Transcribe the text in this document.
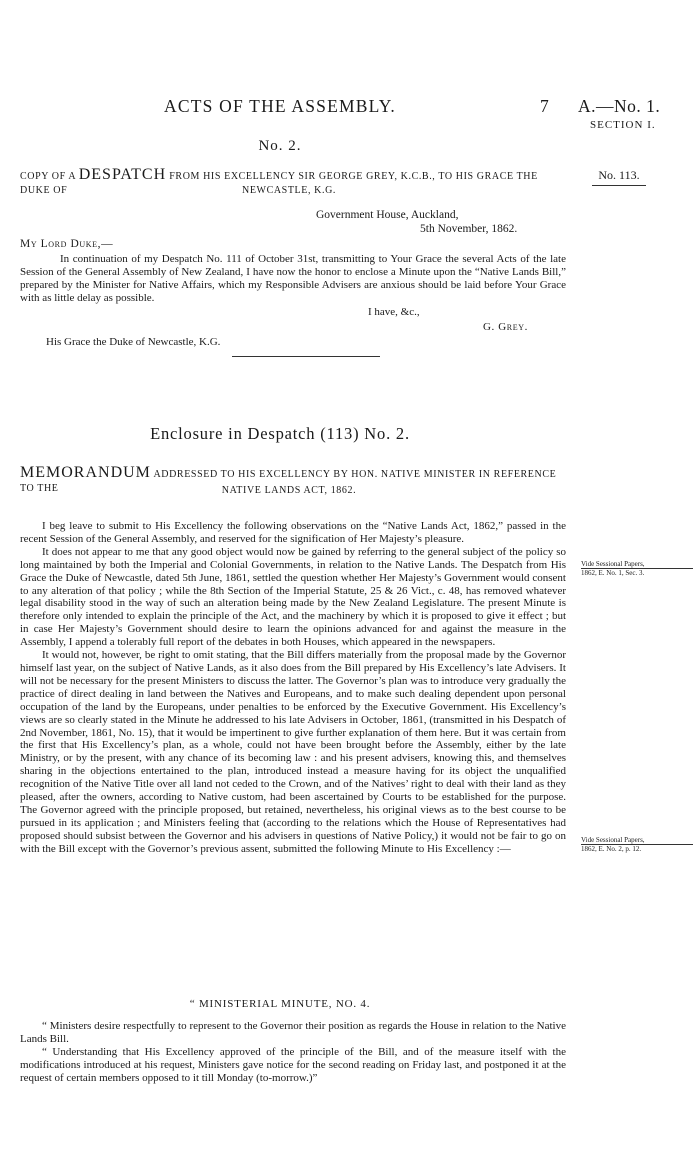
ACTS OF THE ASSEMBLY.	7 A.—No. 1.
SECTION I.
No. 2.
COPY OF A DESPATCH FROM HIS EXCELLENCY SIR GEORGE GREY, K.C.B., TO HIS GRACE THE DUKE OF	NEWCASTLE, K.G.
No. 113.
Government House, Auckland,
5th November, 1862.
My Lord Duke,—

In continuation of my Despatch No. 111 of October 31st, transmitting to Your Grace the several Acts of the late Session of the General Assembly of New Zealand, I have now the honor to enclose a Minute upon the “Native Lands Bill,” prepared by the Minister for Native Affairs, which my Responsible Advisers are anxious should be laid before Your Grace with as little delay as possible.

I have, &c.,
G. Grey.
His Grace the Duke of Newcastle, K.G.
Enclosure in Despatch (113) No. 2.
MEMORANDUM ADDRESSED TO HIS EXCELLENCY BY HON. NATIVE MINISTER IN REFERENCE TO THE	NATIVE LANDS ACT, 1862.

I beg leave to submit to His Excellency the following observations on the “Native Lands Act, 1862,” passed in the recent Session of the General Assembly, and reserved for the signification of Her Majesty’s pleasure.

It does not appear to me that any good object would now be gained by referring to the general subject of the policy so long maintained by both the Imperial and Colonial Governments, in relation to the Native Lands. The Despatch from His Grace the Duke of Newcastle, dated 5th June, 1861, settled the question whether Her Majesty’s Government would consent to any alteration of that policy ; while the 8th Section of the Imperial Statute, 25 & 26 Vict., c. 48, has removed whatever legal disability stood in the way of such an alteration being made by the New Zealand Legislature. The present Minute is therefore only intended to explain the principle of the Act, and the machinery by which it is proposed to give it effect ; but in case Her Majesty’s Government should desire to learn the opinions advanced for and against the measure in the Assembly, I append a tolerably full report of the debates in both Houses, which appeared in the newspapers.

It would not, however, be right to omit stating, that the Bill differs materially from the proposal made by the Governor himself last year, on the subject of Native Lands, as it also does from the Bill prepared by His Excellency’s late Advisers. It will not be necessary for the present Ministers to discuss the latter. The Governor’s plan was to introduce very gradually the practice of direct dealing in land between the Natives and Europeans, and to make such dealing dependent upon personal occupation of the land by the Europeans, under penalties to be enforced by the Executive Government. His Excellency’s views are so clearly stated in the Minute he addressed to his late Advisers in October, 1861, (transmitted in his Despatch of 2nd November, 1861, No. 15), that it would be impertinent to give further explanation of them here. But it was certain from the first that His Excellency’s plan, as a whole, could not have been brought before the Assembly, either by the late Ministry, or by the present, with any chance of its becoming law : and his present advisers, knowing this, and themselves sharing in the objections entertained to the plan, introduced instead a measure having for its object the unqualified recognition of the Native Title over all land not ceded to the Crown, and of the Natives’ right to deal with their land as they pleased, after the owners, according to Native custom, had been ascertained by Courts to be established for the purpose. The Governor agreed with the principle proposed, but retained, nevertheless, his original views as to the best course to be pursued in its application ; and Ministers feeling that (according to the relations which the House of Representatives had proposed should subsist between the Governor and his advisers in questions of Native Policy,) it would not be fair to go on with the Bill except with the Governor’s previous assent, submitted the following Minute to His Excellency :—

Vide Sessional Papers,
1862, E. No. 1, Sec. 3.
Vide Sessional Papers,
1862, E. No. 2, p. 12.
“ MINISTERIAL MINUTE, NO. 4.

“ Ministers desire respectfully to represent to the Governor their position as regards the House in relation to the Native Lands Bill.

“ Understanding that His Excellency approved of the principle of the Bill, and of the measure itself with the modifications introduced at his request, Ministers gave notice for the second reading on Friday last, and postponed it at the request of certain members opposed to it till Monday (to-morrow.)”
